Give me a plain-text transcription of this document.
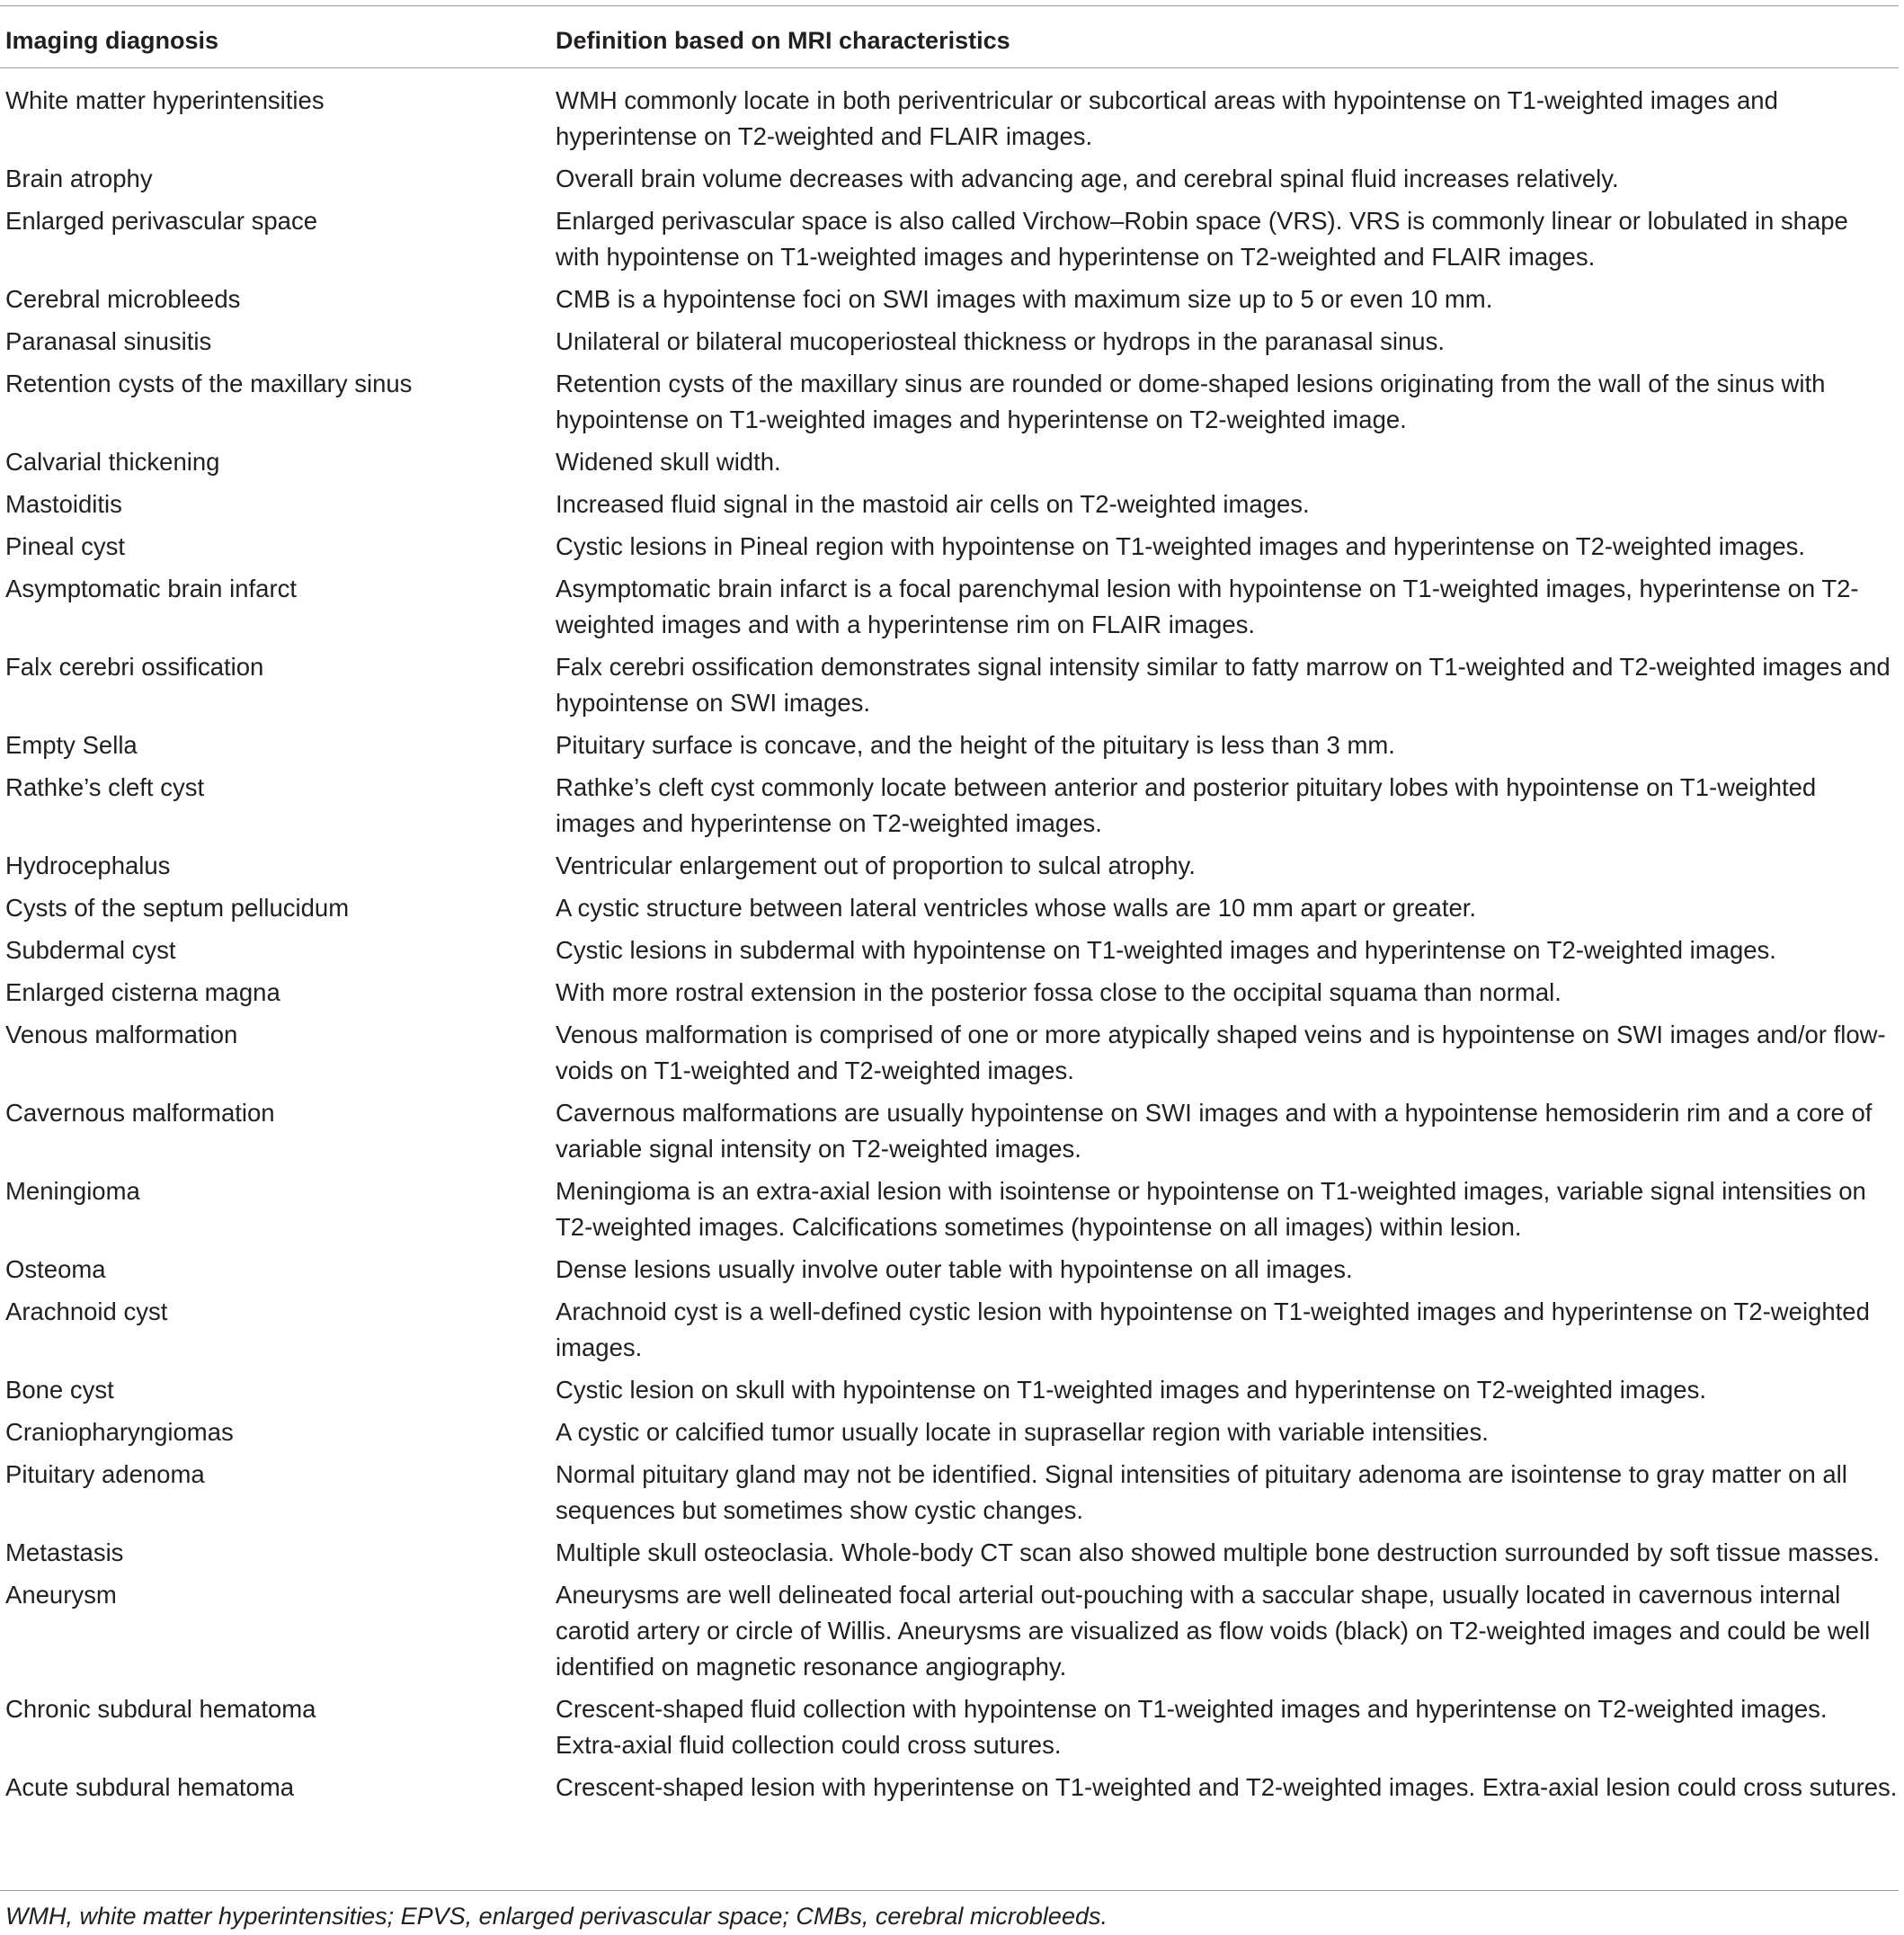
Imaging diagnosis	Definition based on MRI characteristics
White matter hyperintensities	WMH commonly locate in both periventricular or subcortical areas with hypointense on T1-weighted images and hyperintense on T2-weighted and FLAIR images.
Brain atrophy	Overall brain volume decreases with advancing age, and cerebral spinal fluid increases relatively.
Enlarged perivascular space	Enlarged perivascular space is also called Virchow–Robin space (VRS). VRS is commonly linear or lobulated in shape with hypointense on T1-weighted images and hyperintense on T2-weighted and FLAIR images.
Cerebral microbleeds	CMB is a hypointense foci on SWI images with maximum size up to 5 or even 10 mm.
Paranasal sinusitis	Unilateral or bilateral mucoperiosteal thickness or hydrops in the paranasal sinus.
Retention cysts of the maxillary sinus	Retention cysts of the maxillary sinus are rounded or dome-shaped lesions originating from the wall of the sinus with hypointense on T1-weighted images and hyperintense on T2-weighted image.
Calvarial thickening	Widened skull width.
Mastoiditis	Increased fluid signal in the mastoid air cells on T2-weighted images.
Pineal cyst	Cystic lesions in Pineal region with hypointense on T1-weighted images and hyperintense on T2-weighted images.
Asymptomatic brain infarct	Asymptomatic brain infarct is a focal parenchymal lesion with hypointense on T1-weighted images, hyperintense on T2-weighted images and with a hyperintense rim on FLAIR images.
Falx cerebri ossification	Falx cerebri ossification demonstrates signal intensity similar to fatty marrow on T1-weighted and T2-weighted images and hypointense on SWI images.
Empty Sella	Pituitary surface is concave, and the height of the pituitary is less than 3 mm.
Rathke’s cleft cyst	Rathke’s cleft cyst commonly locate between anterior and posterior pituitary lobes with hypointense on T1-weighted images and hyperintense on T2-weighted images.
Hydrocephalus	Ventricular enlargement out of proportion to sulcal atrophy.
Cysts of the septum pellucidum	A cystic structure between lateral ventricles whose walls are 10 mm apart or greater.
Subdermal cyst	Cystic lesions in subdermal with hypointense on T1-weighted images and hyperintense on T2-weighted images.
Enlarged cisterna magna	With more rostral extension in the posterior fossa close to the occipital squama than normal.
Venous malformation	Venous malformation is comprised of one or more atypically shaped veins and is hypointense on SWI images and/or flow-voids on T1-weighted and T2-weighted images.
Cavernous malformation	Cavernous malformations are usually hypointense on SWI images and with a hypointense hemosiderin rim and a core of variable signal intensity on T2-weighted images.
Meningioma	Meningioma is an extra-axial lesion with isointense or hypointense on T1-weighted images, variable signal intensities on T2-weighted images. Calcifications sometimes (hypointense on all images) within lesion.
Osteoma	Dense lesions usually involve outer table with hypointense on all images.
Arachnoid cyst	Arachnoid cyst is a well-defined cystic lesion with hypointense on T1-weighted images and hyperintense on T2-weighted images.
Bone cyst	Cystic lesion on skull with hypointense on T1-weighted images and hyperintense on T2-weighted images.
Craniopharyngiomas	A cystic or calcified tumor usually locate in suprasellar region with variable intensities.
Pituitary adenoma	Normal pituitary gland may not be identified. Signal intensities of pituitary adenoma are isointense to gray matter on all sequences but sometimes show cystic changes.
Metastasis	Multiple skull osteoclasia. Whole-body CT scan also showed multiple bone destruction surrounded by soft tissue masses.
Aneurysm	Aneurysms are well delineated focal arterial out-pouching with a saccular shape, usually located in cavernous internal carotid artery or circle of Willis. Aneurysms are visualized as flow voids (black) on T2-weighted images and could be well identified on magnetic resonance angiography.
Chronic subdural hematoma	Crescent-shaped fluid collection with hypointense on T1-weighted images and hyperintense on T2-weighted images. Extra-axial fluid collection could cross sutures.
Acute subdural hematoma	Crescent-shaped lesion with hyperintense on T1-weighted and T2-weighted images. Extra-axial lesion could cross sutures.
WMH, white matter hyperintensities; EPVS, enlarged perivascular space; CMBs, cerebral microbleeds.
